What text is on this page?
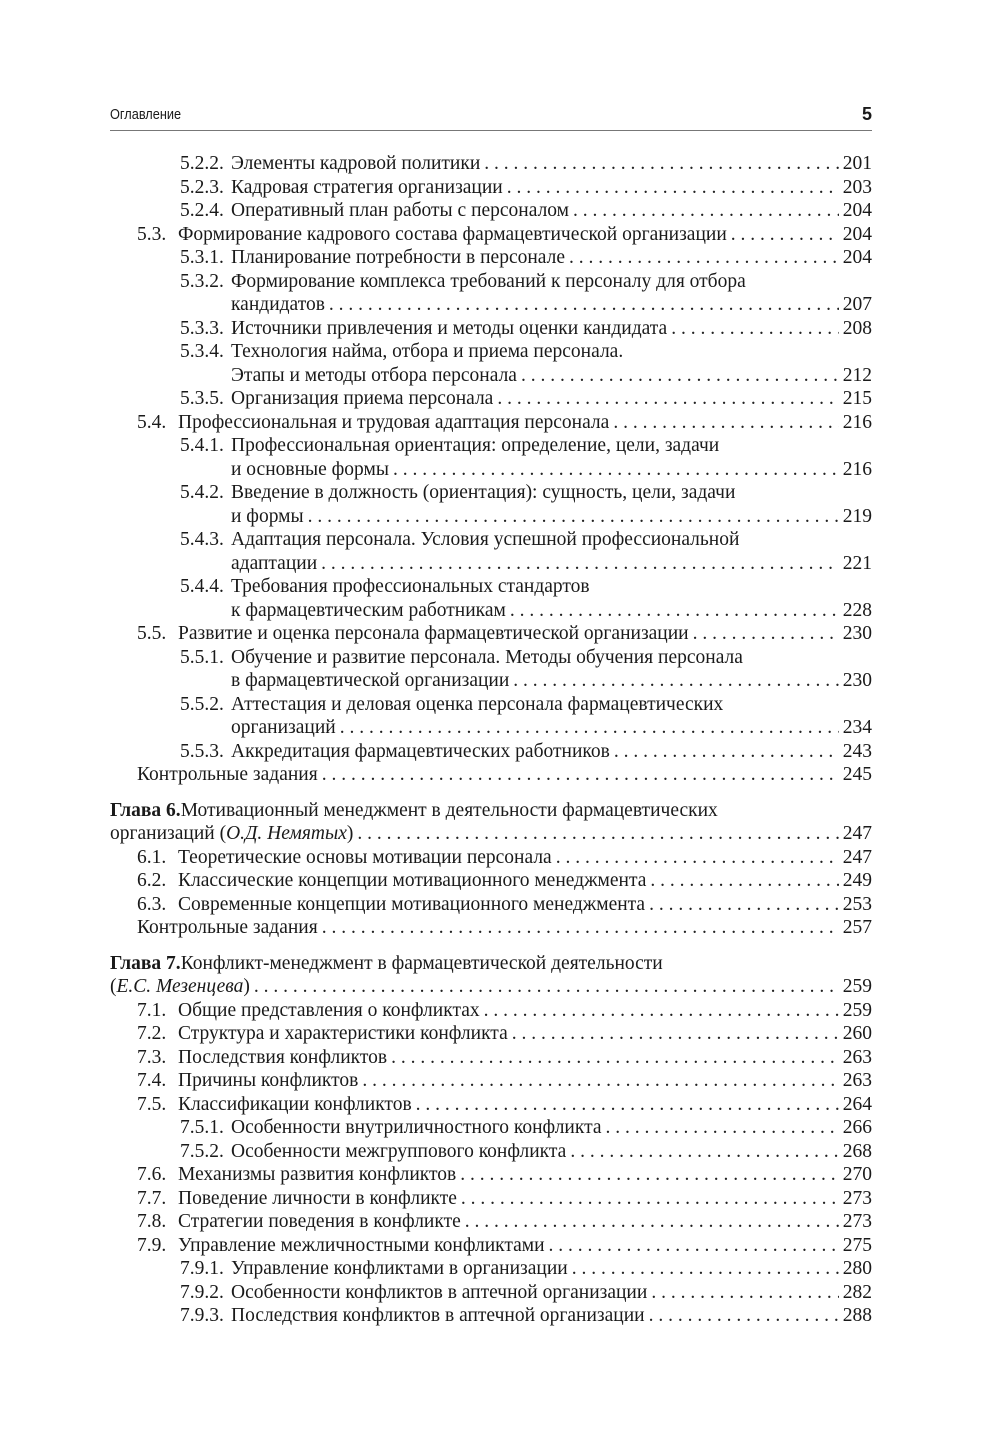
Оглавление	5
5.2.2. Элементы кадровой политики . . .	201
5.2.3. Кадровая стратегия организации . . .	203
5.2.4. Оперативный план работы с персоналом . . .	204
5.3. Формирование кадрового состава фармацевтической организации . . .	204
5.3.1. Планирование потребности в персонале . . .	204
5.3.2. Формирование комплекса требований к персоналу для отбора
кандидатов . . .	207
5.3.3. Источники привлечения и методы оценки кандидата . . .	208
5.3.4. Технология найма, отбора и приема персонала.
Этапы и методы отбора персонала . . .	212
5.3.5. Организация приема персонала . . .	215
5.4. Профессиональная и трудовая адаптация персонала . . .	216
5.4.1. Профессиональная ориентация: определение, цели, задачи
и основные формы . . .	216
5.4.2. Введение в должность (ориентация): сущность, цели, задачи
и формы . . .	219
5.4.3. Адаптация персонала. Условия успешной профессиональной
адаптации . . .	221
5.4.4. Требования профессиональных стандартов
к фармацевтическим работникам . . .	228
5.5. Развитие и оценка персонала фармацевтической организации . . .	230
5.5.1. Обучение и развитие персонала. Методы обучения персонала
в фармацевтической организации . . .	230
5.5.2. Аттестация и деловая оценка персонала фармацевтических
организаций . . .	234
5.5.3. Аккредитация фармацевтических работников . . .	243
Контрольные задания . . .	245
Глава 6. Мотивационный менеджмент в деятельности фармацевтических
организаций (О.Д. Немятых) . . .	247
6.1. Теоретические основы мотивации персонала . . .	247
6.2. Классические концепции мотивационного менеджмента . . .	249
6.3. Современные концепции мотивационного менеджмента . . .	253
Контрольные задания . . .	257
Глава 7. Конфликт-менеджмент в фармацевтической деятельности
(Е.С. Мезенцева) . . .	259
7.1. Общие представления о конфликтах . . .	259
7.2. Структура и характеристики конфликта . . .	260
7.3. Последствия конфликтов . . .	263
7.4. Причины конфликтов . . .	263
7.5. Классификации конфликтов . . .	264
7.5.1. Особенности внутриличностного конфликта . . .	266
7.5.2. Особенности межгруппового конфликта . . .	268
7.6. Механизмы развития конфликтов . . .	270
7.7. Поведение личности в конфликте . . .	273
7.8. Стратегии поведения в конфликте . . .	273
7.9. Управление межличностными конфликтами . . .	275
7.9.1. Управление конфликтами в организации . . .	280
7.9.2. Особенности конфликтов в аптечной организации . . .	282
7.9.3. Последствия конфликтов в аптечной организации . . .	288
